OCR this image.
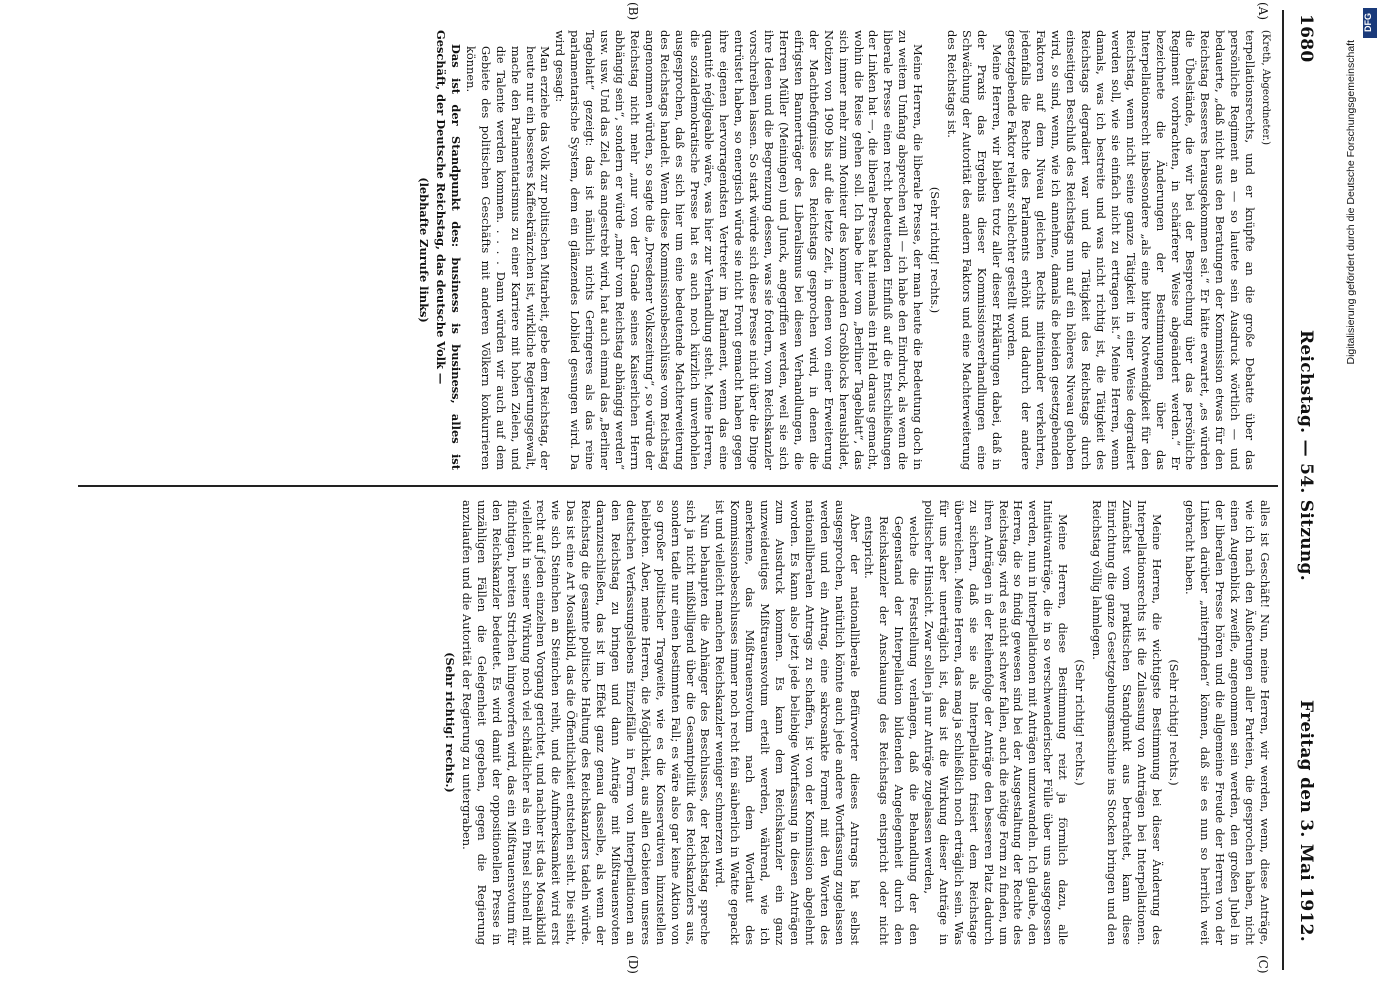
1680
Reichstag. — 54. Sitzung.
Freitag den 3. Mai 1912.
(A)
(B)
(C)
(D)

(Kreth, Abgeordneter.)

terpellationsrechts, und er knüpfte an die große Debatte über das persönliche Regiment an — so lautete sein Ausdruck wörtlich — und bedauerte, „daß nicht aus den Beratungen der Kommission etwas für den Reichstag Besseres herausgekommen sei.“ Er hätte erwartet, „es würden die Übelstände, die wir bei der Besprechung über das persönliche Regiment vorbrachten, in schärferer Weise abgeändert werden.“ Er bezeichnete die Änderungen der Bestimmungen über das Interpellationsrecht insbesondere „als eine bittere Notwendigkeit für den Reichstag, wenn nicht seine ganze Tätigkeit in einer Weise degradiert werden soll, wie sie einfach nicht zu ertragen ist.“ Meine Herren, wenn damals, was ich bestreite und was nicht richtig ist, die Tätigkeit des Reichstags degradiert war und die Tätigkeit des Reichstags durch einseitigen Beschluß des Reichstags nun auf ein höheres Niveau gehoben wird, so sind, wenn, wie ich annehme, damals die beiden gesetzgebenden Faktoren auf dem Niveau gleichen Rechts miteinander verkehrten, jedenfalls die Rechte des Parlaments erhöht und dadurch der andere gesetzgebende Faktor relativ schlechter gestellt worden.

Meine Herren, wir bleiben trotz aller dieser Erklärungen dabei, daß in der Praxis das Ergebnis dieser Kommissionsverhandlungen eine Schwächung der Autorität des andern Faktors und eine Machterweiterung des Reichstags ist.

(Sehr richtig! rechts.)

Meine Herren, die liberale Presse, der man heute die Bedeutung doch in zu weitem Umfang absprechen will — ich habe den Eindruck, als wenn die liberale Presse einen recht bedeutenden Einfluß auf die Entschließungen der Linken hat —, die liberale Presse hat niemals ein Hehl daraus gemacht, wohin die Reise gehen soll. Ich habe hier vom „Berliner Tageblatt“, das sich immer mehr zum Moniteur des kommenden Großblocks herausbildet, Notizen von 1909 bis auf die letzte Zeit, in denen von einer Erweiterung der Machtbefugnisse des Reichstags gesprochen wird, in denen die eifrigsten Bannerträger des Liberalismus bei diesen Verhandlungen, die Herren Müller (Meiningen) und Junck, angegriffen werden, weil sie sich ihre Ideen und die Begrenzung dessen, was sie fordern, vom Reichskanzler vorschreiben lassen. So stark würde sich diese Presse nicht über die Dinge entrüstet haben, so energisch würde sie nicht Front gemacht haben gegen ihre eigenen hervorragendsten Vertreter im Parlament, wenn das eine quantité négligeable wäre, was hier zur Verhandlung steht. Meine Herren, die sozialdemokratische Presse hat es auch noch kürzlich unverhohlen ausgesprochen, daß es sich hier um eine bedeutende Machterweiterung des Reichstags handelt. Wenn diese Kommissionsbeschlüsse vom Reichstag angenommen würden, so sagte die „Dresdener Volkszeitung“, so würde der Reichstag nicht mehr „nur von der Gnade seines Kaiserlichen Herrn abhängig sein“, sondern er würde „mehr vom Reichstag abhängig werden“ usw. usw. Und das Ziel, das angestrebt wird, hat auch einmal das „Berliner Tageblatt“ gezeigt: das ist nämlich nichts Geringeres als das reine parlamentarische System, dem ein glänzendes Loblied gesungen wird. Da wird gesagt:

Man erziehe das Volk zur politischen Mitarbeit, gebe dem Reichstag, der heute nur ein besseres Kaffeekränzchen ist, wirkliche Regierungsgewalt, mache den Parlamentarismus zu einer Karriere mit hohen Zielen, und die Talente werden kommen. . . . . Dann würden wir auch auf dem Gebiete des politischen Geschäfts mit anderen Völkern konkurrieren können.

Das ist der Standpunkt des: business is business, alles ist Geschäft, der Deutsche Reichstag, das deutsche Volk —

(lebhafte Zurufe links)

alles ist Geschäft! Nun, meine Herren, wir werden, wenn, diese Anträge, wie ich nach den Äußerungen aller Parteien, die gesprochen haben, nicht einen Augenblick zweifle, angenommen sein werden, den großen Jubel in der liberalen Presse hören und die allgemeine Freude der Herren von der Linken darüber „miterpfinden“ können, daß sie es nun so herrlich weit gebracht haben.

(Sehr richtig! rechts.)

Meine Herren, die wichtigste Bestimmung bei dieser Änderung des Interpellationsrechts ist die Zulassung von Anträgen bei Interpellationen. Zunächst vom praktischen Standpunkt aus betrachtet, kann diese Einrichtung die ganze Gesetzgebungsmaschine ins Stocken bringen und den Reichstag völlig lahmlegen.

(Sehr richtig! rechts.)

Meine Herren, diese Bestimmung reizt ja förmlich dazu, alle Initiativanträge, die in so verschwenderischer Fülle über uns ausgegossen werden, nun in Interpellationen mit Anträgen umzuwandeln. Ich glaube, den Herren, die so findig gewesen sind bei der Ausgestaltung der Rechte des Reichstags, wird es nicht schwer fallen, auch die nötige Form zu finden, um ihren Anträgen in der Reihenfolge der Anträge den besseren Platz dadurch zu sichern, daß sie sie als Interpellation frisiert dem Reichstage überreichen. Meine Herren, das mag ja schließlich noch erträglich sein. Was für uns aber unerträglich ist, das ist die Wirkung dieser Anträge in politischer Hinsicht. Zwar sollen ja nur Anträge zugelassen werden,

welche die Feststellung verlangen, daß die Behandlung der den Gegenstand der Interpellation bildenden Angelegenheit durch den Reichskanzler der Anschauung des Reichstags entspricht oder nicht entspricht.

Aber der nationalliberale Befürworter dieses Antrags hat selbst ausgesprochen, natürlich könnte auch jede andere Wortfassung zugelassen werden und ein Antrag, eine sakrosankte Formel mit den Worten des nationalliberalen Antrags zu schaffen, ist von der Kommission abgelehnt worden. Es kann also jetzt jede beliebige Wortfassung in diesen Anträgen zum Ausdruck kommen. Es kann dem Reichskanzler ein ganz unzweideutiges Mißtrauensvotum erteilt werden, während, wie ich anerkenne, das Mißtrauensvotum nach dem Wortlaut des Kommissionsbeschlusses immer noch recht fein säuberlich in Watte gepackt ist und vielleicht manchen Reichskanzler weniger schmerzen wird.

Nun behaupten die Anhänger des Beschlusses, der Reichstag spreche sich ja nicht mißbilligend über die Gesamtpolitik des Reichskanzlers aus, sondern tadle nur einen bestimmten Fall; es wäre also gar keine Aktion von so großer politischer Tragweite, wie es die Konservativen hinzustellen beliebten. Aber, meine Herren, die Möglichkeit, aus allen Gebieten unseres deutschen Verfassungslebens Einzelfälle in Form von Interpellationen an den Reichstag zu bringen und dann Anträge mit Mißtrauensvoten daranzuschließen, das ist im Effekt ganz genau dasselbe, als wenn der Reichstag die gesamte politische Haltung des Reichskanzlers tadeln würde. Das ist eine Art Mosaikbild, das die Öffentlichkeit entstehen sieht. Die sieht, wie sich Steinchen an Steinchen reiht, und die Aufmerksamkeit wird erst recht auf jeden einzelnen Vorgang gerichtet, und nachher ist das Mosaikbild vielleicht in seiner Wirkung noch viel schädlicher als ein Pinsel schnell mit flüchtigen, breiten Strichen hingeworfen wird, das ein Mißtrauensvotum für den Reichskanzler bedeutet. Es wird damit der oppositionellen Presse in unzähligen Fällen die Gelegenheit gegeben, gegen die Regierung anzulaufen und die Autorität der Regierung zu untergraben.

(Sehr richtig! rechts.)

DFG
Digitalisierung gefördert durch die Deutsche Forschungsgemeinschaft
